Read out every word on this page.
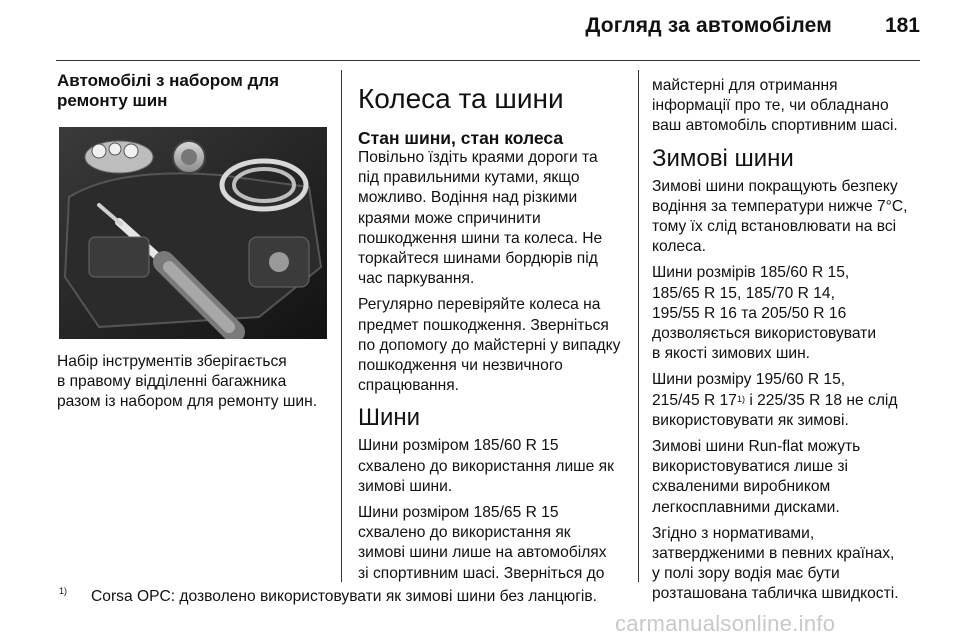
Догляд за автомобілем	181
Автомобілі з набором для ремонту шин

Набір інструментів зберігається
в правому відділенні багажника
разом із набором для ремонту шин.

Колеса та шини
Стан шини, стан колеса

Повільно їздіть краями дороги та
під правильними кутами, якщо
можливо. Водіння над різкими
краями може спричинити
пошкодження шини та колеса. Не
торкайтеся шинами бордюрів під
час паркування.

Регулярно перевіряйте колеса на
предмет пошкодження. Зверніться
по допомогу до майстерні у випадку
пошкодження чи незвичного
спрацювання.

Шини

Шини розміром 185/60 R 15
схвалено до використання лише як
зимові шини.

Шини розміром 185/65 R 15
схвалено до використання як
зимові шини лише на автомобілях
зі спортивним шасі. Зверніться до

майстерні для отримання
інформації про те, чи обладнано
ваш автомобіль спортивним шасі.

Зимові шини

Зимові шини покращують безпеку
водіння за температури нижче 7°C,
тому їх слід встановлювати на всі
колеса.

Шини розмірів 185/60 R 15,
185/65 R 15, 185/70 R 14,
195/55 R 16 та 205/50 R 16
дозволяється використовувати
в якості зимових шин.

Шини розміру 195/60 R 15,
215/45 R 17$^{1)}$ і 225/35 R 18 не слід
використовувати як зимові.

Зимові шини Run-flat можуть
використовуватися лише зі
схваленими виробником
легкосплавними дисками.

Згідно з нормативами,
затвердженими в певних країнах,
у полі зору водія має бути
розташована табличка швидкості.

$^{1)}$ Corsa OPC: дозволено використовувати як зимові шини без ланцюгів.
carmanualsonline.info
